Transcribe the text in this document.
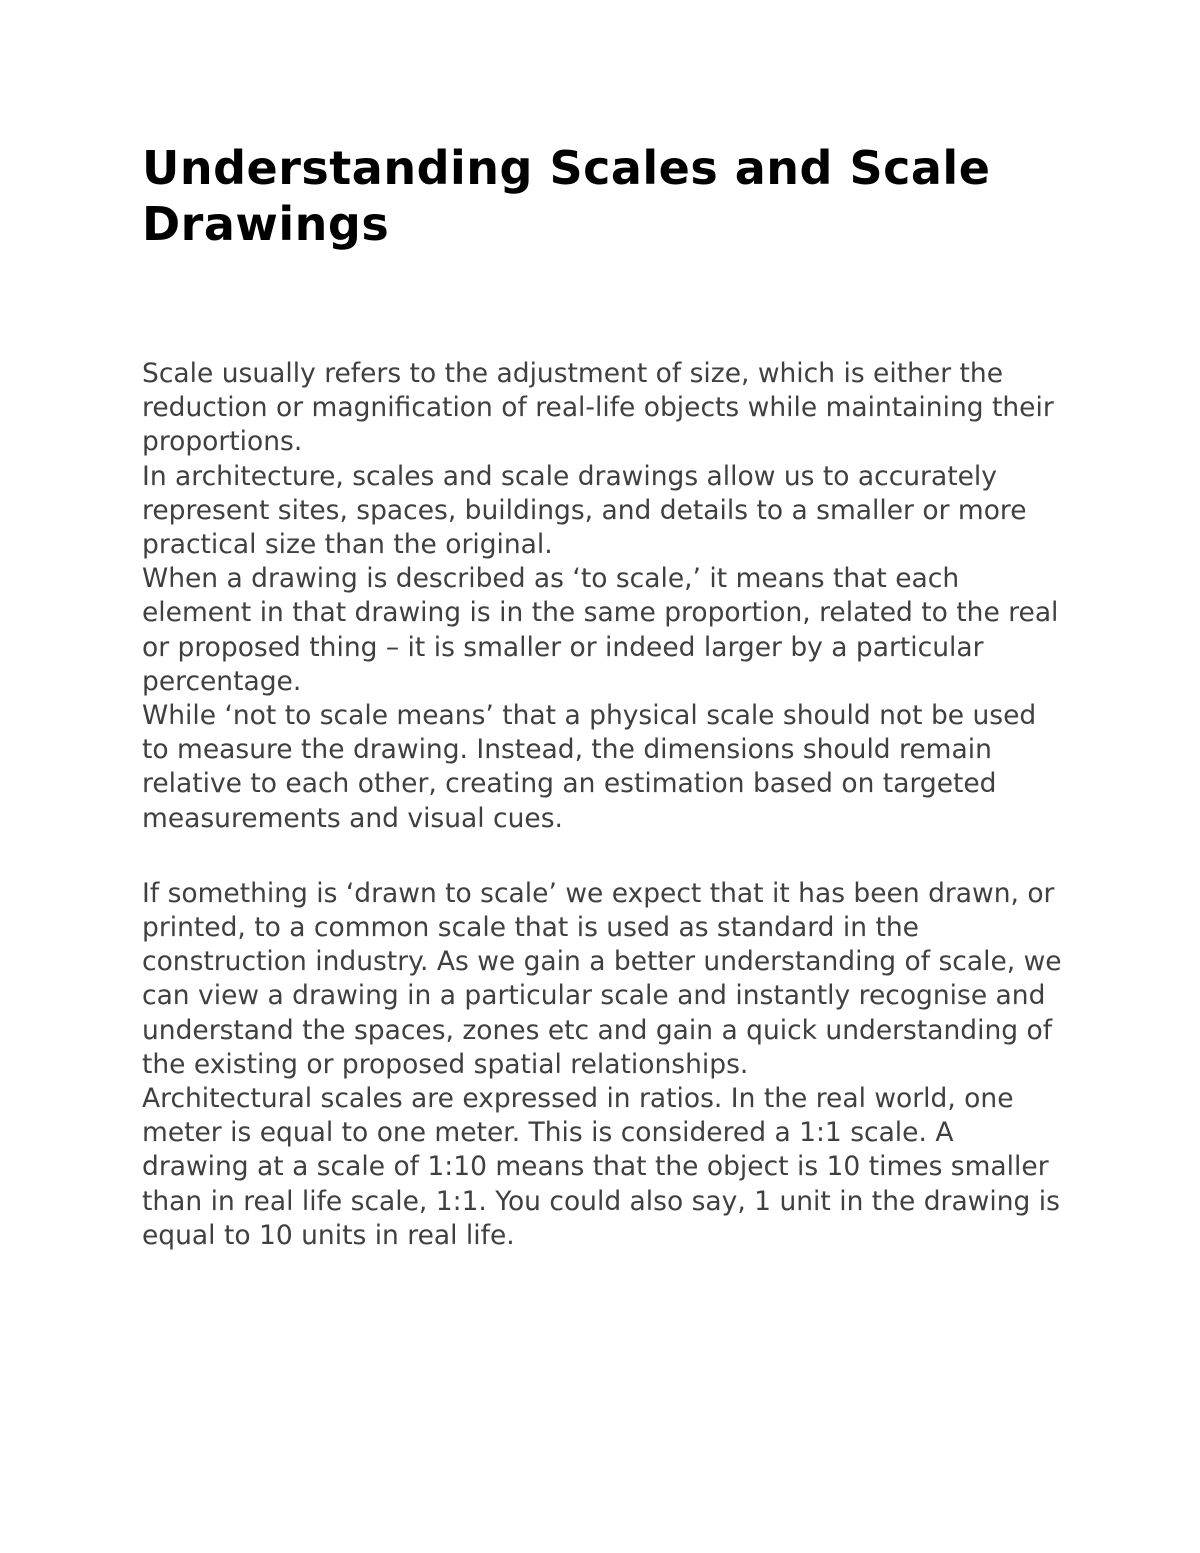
Understanding Scales and Scale Drawings

Scale usually refers to the adjustment of size, which is either the reduction or magnification of real-life objects while maintaining their proportions.

In architecture, scales and scale drawings allow us to accurately represent sites, spaces, buildings, and details to a smaller or more practical size than the original.

When a drawing is described as ‘to scale,’ it means that each element in that drawing is in the same proportion, related to the real or proposed thing – it is smaller or indeed larger by a particular percentage.

While ‘not to scale means’ that a physical scale should not be used to measure the drawing. Instead, the dimensions should remain relative to each other, creating an estimation based on targeted measurements and visual cues.

If something is ‘drawn to scale’ we expect that it has been drawn, or printed, to a common scale that is used as standard in the construction industry. As we gain a better understanding of scale, we can view a drawing in a particular scale and instantly recognise and understand the spaces, zones etc and gain a quick understanding of the existing or proposed spatial relationships.

Architectural scales are expressed in ratios. In the real world, one meter is equal to one meter. This is considered a 1:1 scale. A drawing at a scale of 1:10 means that the object is 10 times smaller than in real life scale, 1:1. You could also say, 1 unit in the drawing is equal to 10 units in real life.
